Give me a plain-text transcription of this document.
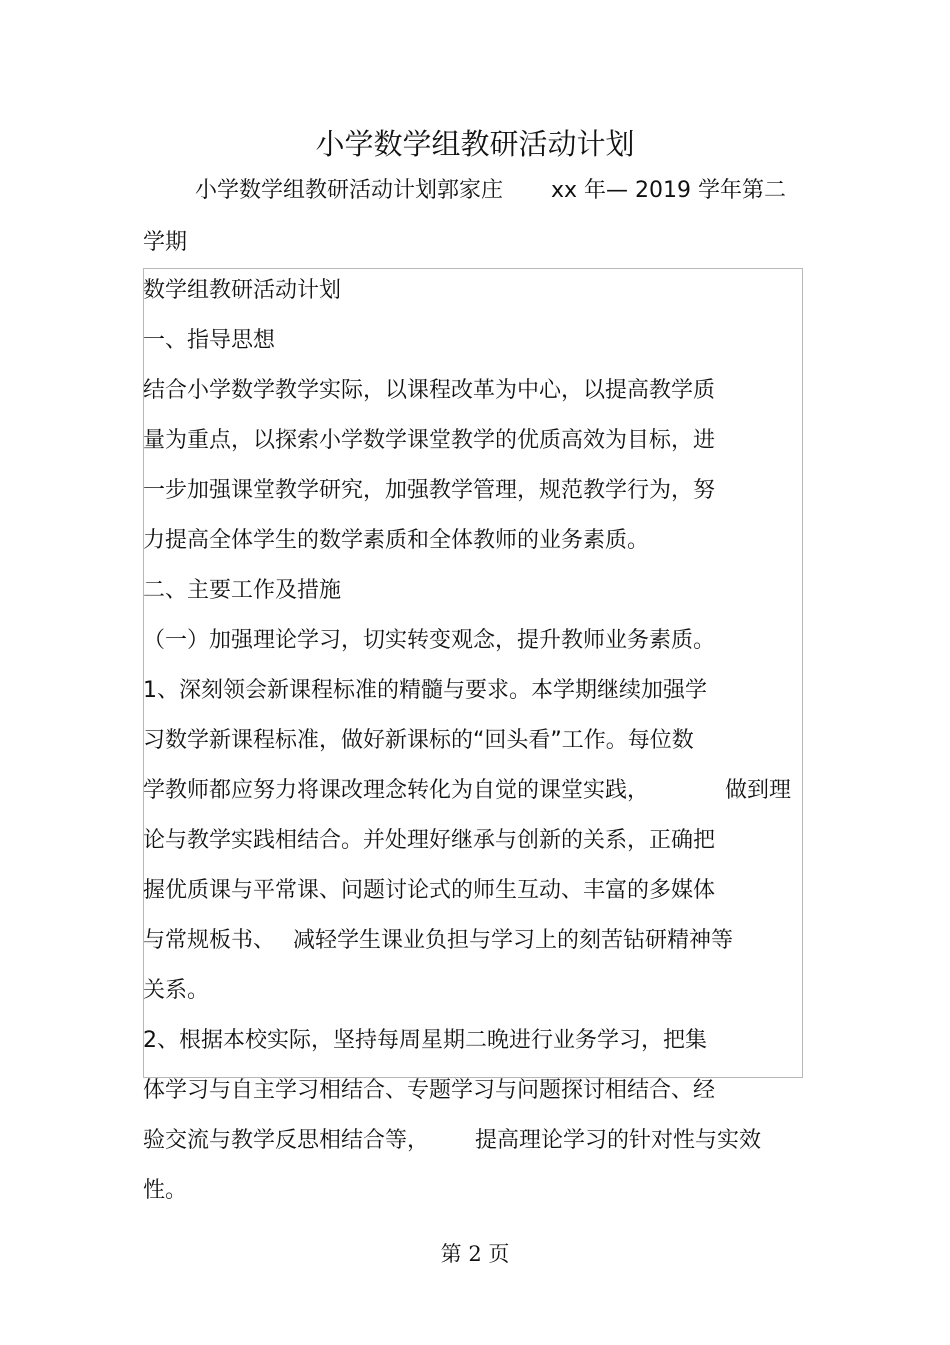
小学数学组教研活动计划
小学数学组教研活动计划郭家庄 xx 年— 2019 学年第二
学期
数学组教研活动计划
一、指导思想
结合小学数学教学实际，以课程改革为中心，以提高教学质
量为重点，以探索小学数学课堂教学的优质高效为目标，进
一步加强课堂教学研究，加强教学管理，规范教学行为，努
力提高全体学生的数学素质和全体教师的业务素质。
二、主要工作及措施
（一）加强理论学习，切实转变观念，提升教师业务素质。
1、深刻领会新课程标准的精髓与要求。本学期继续加强学
习数学新课程标准，做好新课标的“回头看”工作。每位数
学教师都应努力将课改理念转化为自觉的课堂实践，	做到理
论与教学实践相结合。并处理好继承与创新的关系，正确把
握优质课与平常课、问题讨论式的师生互动、丰富的多媒体
与常规板书、 减轻学生课业负担与学习上的刻苦钻研精神等
关系。
2、根据本校实际，坚持每周星期二晚进行业务学习，把集
体学习与自主学习相结合、专题学习与问题探讨相结合、经
验交流与教学反思相结合等， 提高理论学习的针对性与实效
性。
第 2 页
